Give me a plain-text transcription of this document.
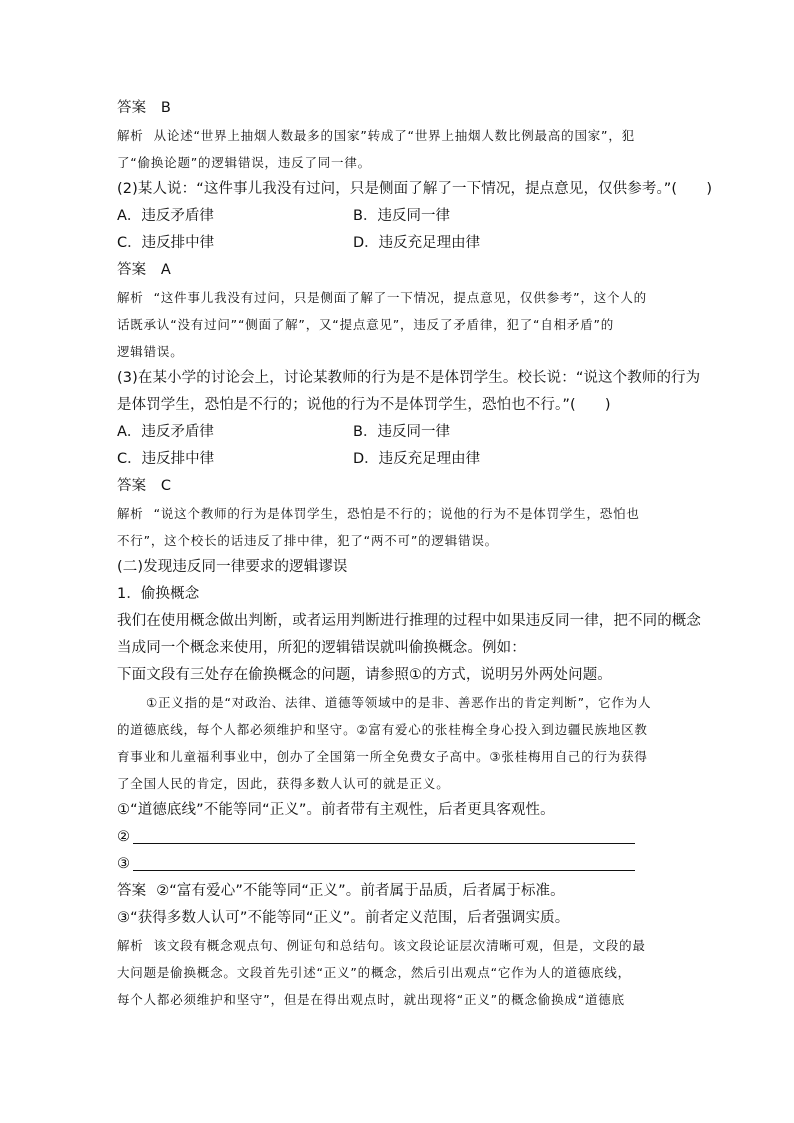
答案 B
解析 从论述“世界上抽烟人数最多的国家”转成了“世界上抽烟人数比例最高的国家”，犯
了“偷换论题”的逻辑错误，违反了同一律。
(2)某人说：“这件事儿我没有过问，只是侧面了解了一下情况，提点意见，仅供参考。”(　　)
A．违反矛盾律	B．违反同一律
C．违反排中律	D．违反充足理由律
答案 A
解析 “这件事儿我没有过问，只是侧面了解了一下情况，提点意见，仅供参考”，这个人的
话既承认“没有过问”“侧面了解”，又“提点意见”，违反了矛盾律，犯了“自相矛盾”的
逻辑错误。
(3)在某小学的讨论会上，讨论某教师的行为是不是体罚学生。校长说：“说这个教师的行为
是体罚学生，恐怕是不行的；说他的行为不是体罚学生，恐怕也不行。”(　　)
A．违反矛盾律	B．违反同一律
C．违反排中律	D．违反充足理由律
答案 C
解析 “说这个教师的行为是体罚学生，恐怕是不行的；说他的行为不是体罚学生，恐怕也
不行”，这个校长的话违反了排中律，犯了“两不可”的逻辑错误。
(二)发现违反同一律要求的逻辑谬误
1．偷换概念
我们在使用概念做出判断，或者运用判断进行推理的过程中如果违反同一律，把不同的概念
当成同一个概念来使用，所犯的逻辑错误就叫偷换概念。例如：
下面文段有三处存在偷换概念的问题，请参照①的方式，说明另外两处问题。
①正义指的是“对政治、法律、道德等领域中的是非、善恶作出的肯定判断”，它作为人
的道德底线，每个人都必须维护和坚守。②富有爱心的张桂梅全身心投入到边疆民族地区教
育事业和儿童福利事业中，创办了全国第一所全免费女子高中。③张桂梅用自己的行为获得
了全国人民的肯定，因此，获得多数人认可的就是正义。
①“道德底线”不能等同“正义”。前者带有主观性，后者更具客观性。
②
③
答案 ②“富有爱心”不能等同“正义”。前者属于品质，后者属于标准。
③“获得多数人认可”不能等同“正义”。前者定义范围，后者强调实质。
解析 该文段有概念观点句、例证句和总结句。该文段论证层次清晰可观，但是，文段的最
大问题是偷换概念。文段首先引述“正义”的概念，然后引出观点“它作为人的道德底线，
每个人都必须维护和坚守”，但是在得出观点时，就出现将“正义”的概念偷换成“道德底
